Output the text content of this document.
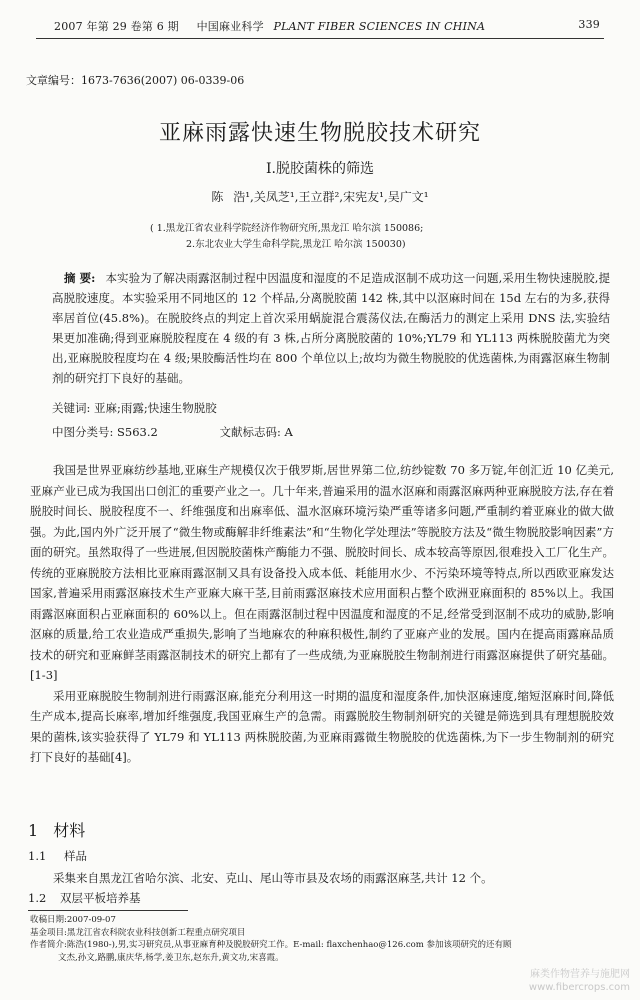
2007 年第 29 卷第 6 期 中国麻业科学 PLANT FIBER SCIENCES IN CHINA	339
文章编号：1673-7636(2007) 06-0339-06
亚麻雨露快速生物脱胶技术研究
I.脱胶菌株的筛选
陈 浩¹,关凤芝¹,王立群²,宋宪友¹,吴广文¹
( 1.黑龙江省农业科学院经济作物研究所,黑龙江 哈尔滨 150086;
2.东北农业大学生命科学院,黑龙江 哈尔滨 150030)
摘 要: 本实验为了解决雨露沤制过程中因温度和湿度的不足造成沤制不成功这一问题,采用生物快速脱胶,提高脱胶速度。本实验采用不同地区的 12 个样品,分离脱胶菌 142 株,其中以沤麻时间在 15d 左右的为多,获得率居首位(45.8%)。在脱胶终点的判定上首次采用蜗旋混合震荡仪法,在酶活力的测定上采用 DNS 法,实验结果更加准确;得到亚麻脱胶程度在 4 级的有 3 株,占所分离脱胶菌的 10%;YL79 和 YL113 两株脱胶菌尤为突出,亚麻脱胶程度均在 4 级;果胶酶活性均在 800 个单位以上;故均为微生物脱胶的优选菌株,为雨露沤麻生物制剂的研究打下良好的基础。
关键词: 亚麻;雨露;快速生物脱胶
中图分类号: S563.2	文献标志码: A

我国是世界亚麻纺纱基地,亚麻生产规模仅次于俄罗斯,居世界第二位,纺纱锭数 70 多万锭,年创汇近 10 亿美元,亚麻产业已成为我国出口创汇的重要产业之一。几十年来,普遍采用的温水沤麻和雨露沤麻两种亚麻脱胶方法,存在着脱胶时间长、脱胶程度不一、纤维强度和出麻率低、温水沤麻环境污染严重等诸多问题,严重制约着亚麻业的做大做强。为此,国内外广泛开展了“微生物或酶解非纤维素法”和“生物化学处理法”等脱胶方法及“微生物脱胶影响因素”方面的研究。虽然取得了一些进展,但因脱胶菌株产酶能力不强、脱胶时间长、成本较高等原因,很难投入工厂化生产。传统的亚麻脱胶方法相比亚麻雨露沤制又具有设备投入成本低、耗能用水少、不污染环境等特点,所以西欧亚麻发达国家,普遍采用雨露沤麻技术生产亚麻大麻干茎,目前雨露沤麻技术应用面积占整个欧洲亚麻面积的 85%以上。我国雨露沤麻面积占亚麻面积的 60%以上。但在雨露沤制过程中因温度和湿度的不足,经常受到沤制不成功的威胁,影响沤麻的质量,给工农业造成严重损失,影响了当地麻农的种麻积极性,制约了亚麻产业的发展。国内在提高雨露麻品质技术的研究和亚麻鲜茎雨露沤制技术的研究上都有了一些成绩,为亚麻脱胶生物制剂进行雨露沤麻提供了研究基础。[1-3]

采用亚麻脱胶生物制剂进行雨露沤麻,能充分利用这一时期的温度和湿度条件,加快沤麻速度,缩短沤麻时间,降低生产成本,提高长麻率,增加纤维强度,我国亚麻生产的急需。雨露脱胶生物制剂研究的关键是筛选到具有理想脱胶效果的菌株,该实验获得了 YL79 和 YL113 两株脱胶菌,为亚麻雨露微生物脱胶的优选菌株,为下一步生物制剂的研究打下良好的基础[4]。

1 材料
1.1 样品
采集来自黑龙江省哈尔滨、北安、克山、尾山等市县及农场的雨露沤麻茎,共计 12 个。
1.2 双层平板培养基
收稿日期:2007-09-07
基金项目:黑龙江省农科院农业科技创新工程重点研究项目
作者简介:陈浩(1980-),男,实习研究员,从事亚麻育种及脱胶研究工作。E-mail: flaxchenhao@126.com 参加该项研究的还有顾
文杰,孙文,路鹏,康庆华,杨学,姜卫东,赵东升,黄文功,宋喜霞。
麻类作物营养与施肥网
www.fibercrops.com
